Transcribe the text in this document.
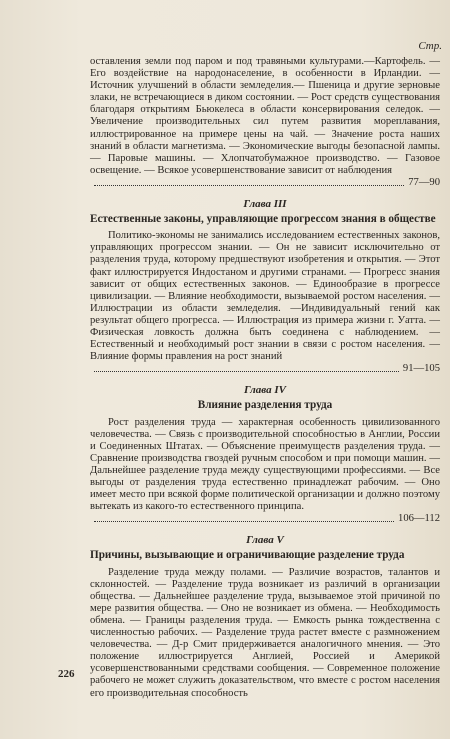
Стр.

оставления земли под паром и под травяными культурами.—Картофель. — Его воздействие на народонаселение, в особенности в Ирландии. — Источник улучшений в области земледелия.— Пшеница и другие зерновые злаки, не встречающиеся в диком состоянии. — Рост средств существования благодаря открытиям Бьюкелеса в области консервирования селедок. — Увеличение производительных сил путем развития мореплавания, иллюстрированное на примере цены на чай. — Значение роста наших знаний в области магнетизма. — Экономические выгоды безопасной лампы. — Паровые машины. — Хлопчатобумажное производство. — Газовое освещение. — Всякое усовершенствование зависит от наблюдения

77—90
Глава III
Естественные законы, управляющие прогрессом знания в обществе

Политико-экономы не занимались исследованием естественных законов, управляющих прогрессом знании. — Он не зависит исключительно от разделения труда, которому предшествуют изобретения и открытия. — Этот факт иллюстрируется Индостаном и другими странами. — Прогресс знания зависит от общих естественных законов. — Единообразие в прогрессе цивилизации. — Влияние необходимости, вызываемой ростом населения. — Иллюстрации из области земледелия. —Индивидуальный гений как результат общего прогресса. — Иллюстрация из примера жизни г. Уатта. — Физическая ловкость должна быть соединена с наблюдением. — Естественный и необходимый рост знании в связи с ростом населения. — Влияние формы правления на рост знаний

91—105
Глава IV
Влияние разделения труда

Рост разделения труда — характерная особенность цивилизованного человечества. — Связь с производительной способностью в Англии, России и Соединенных Штатах. — Объяснение преимуществ разделения труда. — Сравнение производства гвоздей ручным способом и при помощи машин. — Дальнейшее разделение труда между существующими профессиями. — Все выгоды от разделения труда естественно принадлежат рабочим. — Оно имеет место при всякой форме политической организации и должно поэтому вытекать из какого-то естественного принципа.

106—112
Глава V
Причины, вызывающие и ограничивающие разделение труда

Разделение труда между полами. — Различие возрастов, талантов и склонностей. — Разделение труда возникает из различий в организации общества. — Дальнейшее разделение труда, вызываемое этой причиной по мере развития общества. — Оно не возникает из обмена. — Необходимость обмена. — Границы разделения труда. — Емкость рынка тождественна с численностью рабочих. — Разделение труда растет вместе с размножением человечества. — Д-р Смит придерживается аналогичного мнения. — Это положение иллюстрируется Англией, Россией и Америкой усовершенствованными средствами сообщения. — Современное положение рабочего не может служить доказательством, что вместе с ростом населения его производительная способность

226
